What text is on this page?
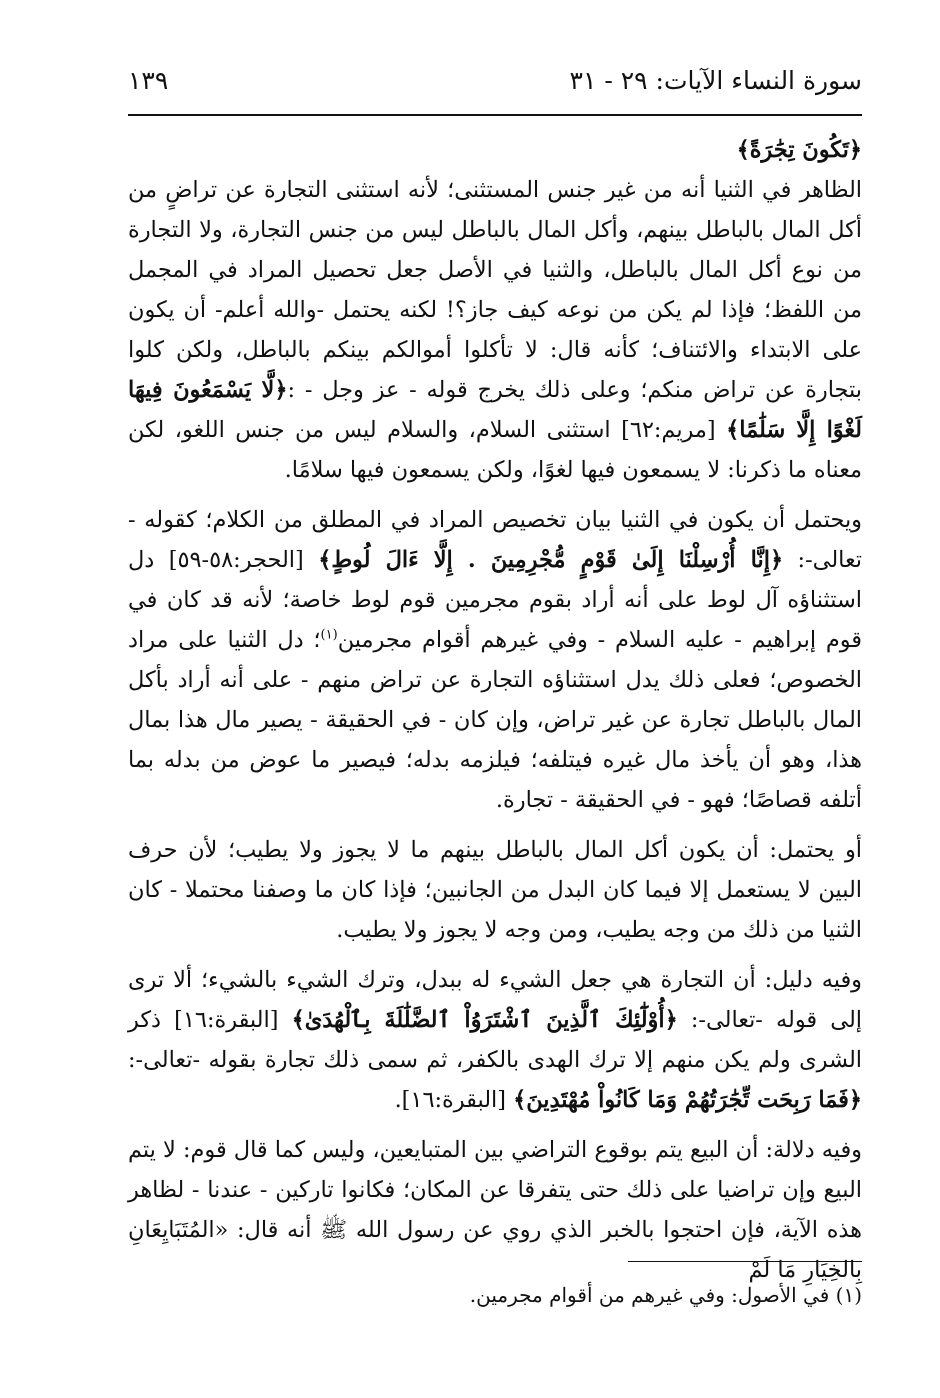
سورة النساء الآيات: ٢٩ - ٣١
١٣٩

﴿تَكُونَ تِجَٰرَةً﴾

الظاهر في الثنيا أنه من غير جنس المستثنى؛ لأنه استثنى التجارة عن تراضٍ من أكل المال بالباطل بينهم، وأكل المال بالباطل ليس من جنس التجارة، ولا التجارة من نوع أكل المال بالباطل، والثنيا في الأصل جعل تحصيل المراد في المجمل من اللفظ؛ فإذا لم يكن من نوعه كيف جاز؟! لكنه يحتمل -والله أعلم- أن يكون على الابتداء والائتناف؛ كأنه قال: لا تأكلوا أموالكم بينكم بالباطل، ولكن كلوا بتجارة عن تراض منكم؛ وعلى ذلك يخرج قوله - عز وجل - :﴿لَّا يَسْمَعُونَ فِيهَا لَغْوًا إِلَّا سَلَٰمًا﴾ [مريم:٦٢] استثنى السلام، والسلام ليس من جنس اللغو، لكن معناه ما ذكرنا: لا يسمعون فيها لغوًا، ولكن يسمعون فيها سلامًا.

ويحتمل أن يكون في الثنيا بيان تخصيص المراد في المطلق من الكلام؛ كقوله - تعالى-: ﴿إِنَّا أُرْسِلْنَا إِلَىٰ قَوْمٍ مُّجْرِمِينَ . إِلَّا ءَالَ لُوطٍ﴾ [الحجر:٥٨-٥٩] دل استثناؤه آل لوط على أنه أراد بقوم مجرمين قوم لوط خاصة؛ لأنه قد كان في قوم إبراهيم - عليه السلام - وفي غيرهم أقوام مجرمين$^{(١)}$؛ دل الثنيا على مراد الخصوص؛ فعلى ذلك يدل استثناؤه التجارة عن تراض منهم - على أنه أراد بأكل المال بالباطل تجارة عن غير تراض، وإن كان - في الحقيقة - يصير مال هذا بمال هذا، وهو أن يأخذ مال غيره فيتلفه؛ فيلزمه بدله؛ فيصير ما عوض من بدله بما أتلفه قصاصًا؛ فهو - في الحقيقة - تجارة.

أو يحتمل: أن يكون أكل المال بالباطل بينهم ما لا يجوز ولا يطيب؛ لأن حرف البين لا يستعمل إلا فيما كان البدل من الجانبين؛ فإذا كان ما وصفنا محتملا - كان الثنيا من ذلك من وجه يطيب، ومن وجه لا يجوز ولا يطيب.

وفيه دليل: أن التجارة هي جعل الشيء له ببدل، وترك الشيء بالشيء؛ ألا ترى إلى قوله -تعالى-: ﴿أُوْلَٰٓئِكَ ٱلَّذِينَ ٱشْتَرَوُاْ ٱلضَّلَٰلَةَ بِٱلْهُدَىٰ﴾ [البقرة:١٦] ذكر الشرى ولم يكن منهم إلا ترك الهدى بالكفر، ثم سمى ذلك تجارة بقوله -تعالى-: ﴿فَمَا رَبِحَت تِّجَٰرَتُهُمْ وَمَا كَانُواْ مُهْتَدِينَ﴾ [البقرة:١٦].

وفيه دلالة: أن البيع يتم بوقوع التراضي بين المتبايعين، وليس كما قال قوم: لا يتم البيع وإن تراضيا على ذلك حتى يتفرقا عن المكان؛ فكانوا تاركين - عندنا - لظاهر هذه الآية، فإن احتجوا بالخبر الذي روي عن رسول الله ﷺ أنه قال: «المُتَبَايِعَانِ بِالخِيَارِ مَا لَمْ

(١) في الأصول: وفي غيرهم من أقوام مجرمين.
